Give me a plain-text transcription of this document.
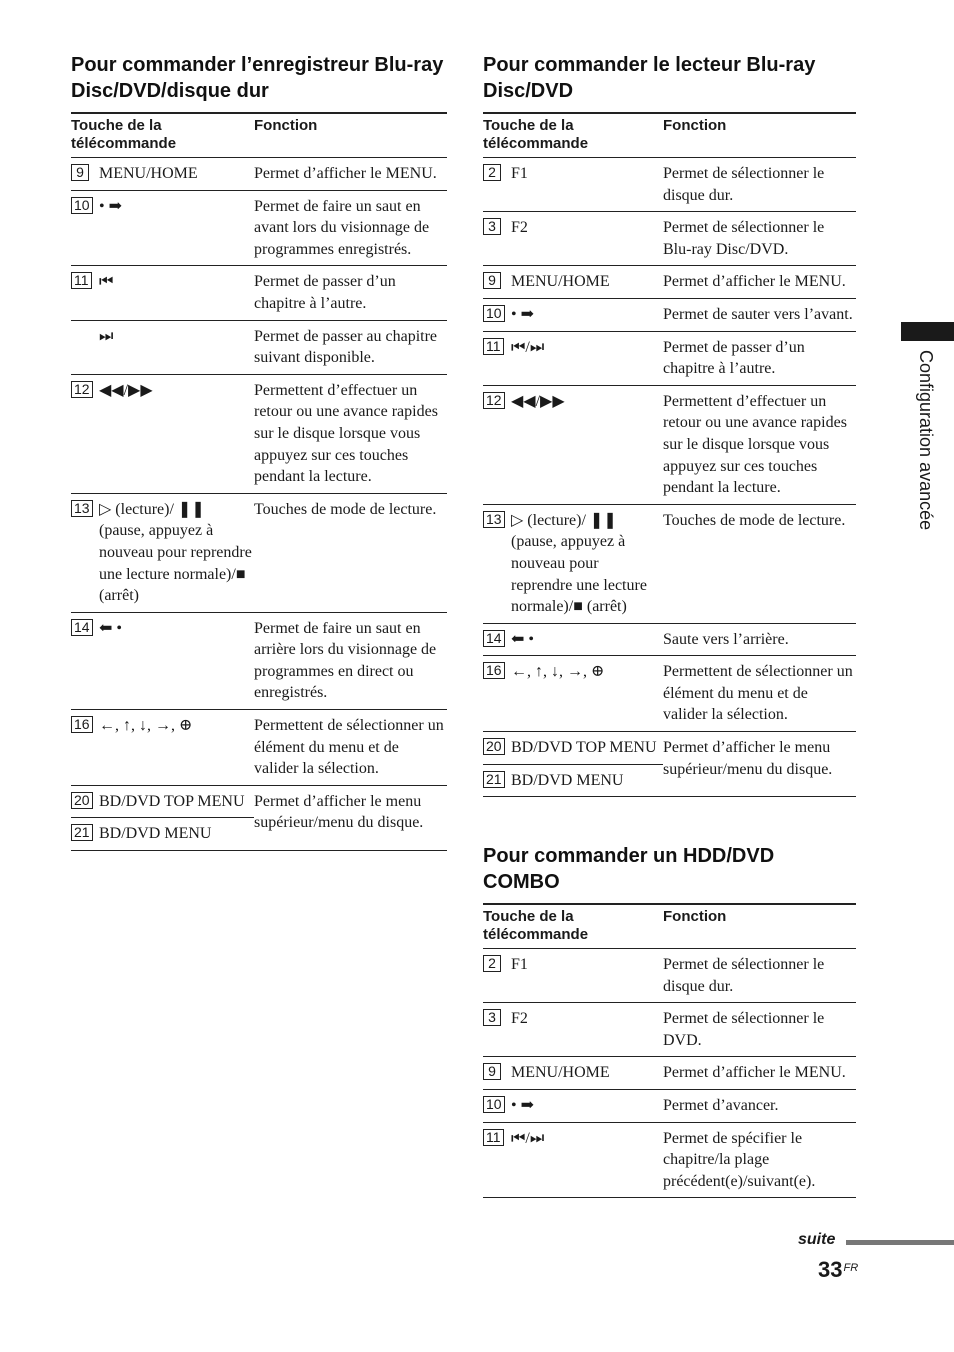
Pour commander l’enregistreur Blu-ray Disc/DVD/disque dur
Touche de la télécommande	Fonction

9 MENU/HOME	Permet d’afficher le MENU.

10 • ➡	Permet de faire un saut en avant lors du visionnage de programmes enregistrés.

11 ⏮	Permet de passer d’un chapitre à l’autre.
⏭	Permet de passer au chapitre suivant disponible.

12 ◀◀/▶▶	Permettent d’effectuer un retour ou une avance rapides sur le disque lorsque vous appuyez sur ces touches pendant la lecture.

13 ▷ (lecture)/ ❚❚ (pause, appuyez à nouveau pour reprendre une lecture normale)/■ (arrêt)	Touches de mode de lecture.

14 ⬅ •	Permet de faire un saut en arrière lors du visionnage de programmes en direct ou enregistrés.

16 ←, ↑, ↓, →, ⊕	Permettent de sélectionner un élément du menu et de valider la sélection.

20 BD/DVD TOP MENU	Permet d’afficher le menu supérieur/menu du disque.

21 BD/DVD MENU	
Pour commander le lecteur Blu-ray Disc/DVD
Touche de la télécommande	Fonction

2 F1	Permet de sélectionner le disque dur.

3 F2	Permet de sélectionner le Blu-ray Disc/DVD.

9 MENU/HOME	Permet d’afficher le MENU.

10 • ➡	Permet de sauter vers l’avant.

11 ⏮/⏭	Permet de passer d’un chapitre à l’autre.

12 ◀◀/▶▶	Permettent d’effectuer un retour ou une avance rapides sur le disque lorsque vous appuyez sur ces touches pendant la lecture.

13 ▷ (lecture)/ ❚❚ (pause, appuyez à nouveau pour reprendre une lecture normale)/■ (arrêt)	Touches de mode de lecture.

14 ⬅ •	Saute vers l’arrière.

16 ←, ↑, ↓, →, ⊕	Permettent de sélectionner un élément du menu et de valider la sélection.

20 BD/DVD TOP MENU	Permet d’afficher le menu supérieur/menu du disque.

21 BD/DVD MENU	
Pour commander un HDD/DVD COMBO
Touche de la télécommande	Fonction

2 F1	Permet de sélectionner le disque dur.

3 F2	Permet de sélectionner le DVD.

9 MENU/HOME	Permet d’afficher le MENU.

10 • ➡	Permet d’avancer.

11 ⏮/⏭	Permet de spécifier le chapitre/la plage précédent(e)/suivant(e).
Configuration avancée
suite
$33^{FR}$
